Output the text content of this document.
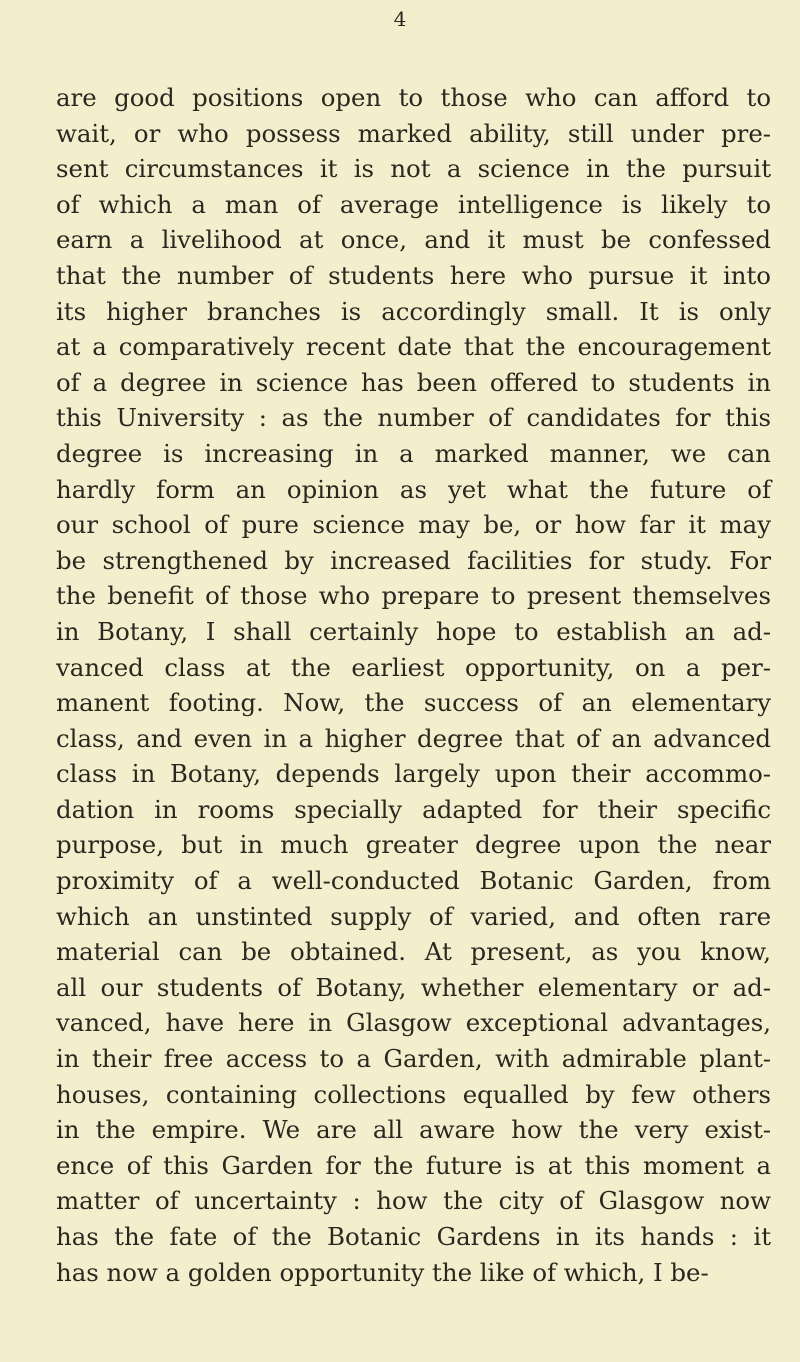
4
are good positions open to those who can afford to
wait, or who possess marked ability, still under pre-
sent circumstances it is not a science in the pursuit
of which a man of average intelligence is likely to
earn a livelihood at once, and it must be confessed
that the number of students here who pursue it into
its higher branches is accordingly small. It is only
at a comparatively recent date that the encouragement
of a degree in science has been offered to students in
this University : as the number of candidates for this
degree is increasing in a marked manner, we can
hardly form an opinion as yet what the future of
our school of pure science may be, or how far it may
be strengthened by increased facilities for study. For
the benefit of those who prepare to present themselves
in Botany, I shall certainly hope to establish an ad-
vanced class at the earliest opportunity, on a per-
manent footing. Now, the success of an elementary
class, and even in a higher degree that of an advanced
class in Botany, depends largely upon their accommo-
dation in rooms specially adapted for their specific
purpose, but in much greater degree upon the near
proximity of a well-conducted Botanic Garden, from
which an unstinted supply of varied, and often rare
material can be obtained. At present, as you know,
all our students of Botany, whether elementary or ad-
vanced, have here in Glasgow exceptional advantages,
in their free access to a Garden, with admirable plant-
houses, containing collections equalled by few others
in the empire. We are all aware how the very exist-
ence of this Garden for the future is at this moment a
matter of uncertainty : how the city of Glasgow now
has the fate of the Botanic Gardens in its hands : it
has now a golden opportunity the like of which, I be-
